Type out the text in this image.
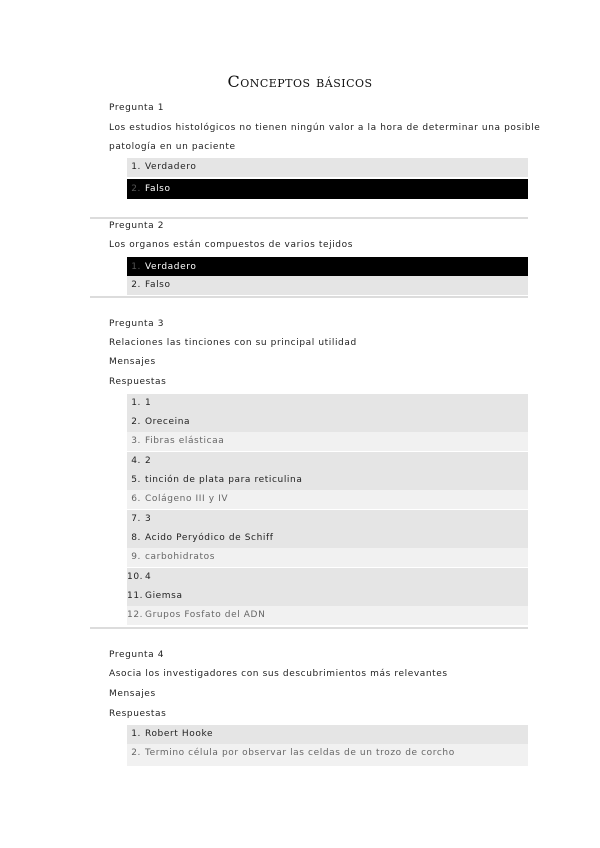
Conceptos básicos
Pregunta 1
Los estudios histológicos no tienen ningún valor a la hora de determinar una posible
patología en un paciente
1. Verdadero
2. Falso
Pregunta 2
Los organos están compuestos de varios tejidos
1. Verdadero
2. Falso
Pregunta 3
Relaciones las tinciones con su principal utilidad
Mensajes
Respuestas
1. 1
2. Oreceina
3. Fibras elásticaa
4. 2
5. tinción de plata para reticulina
6. Colágeno III y IV
7. 3
8. Acido Peryódico de Schiff
9. carbohidratos
10. 4
11. Giemsa
12. Grupos Fosfato del ADN
Pregunta 4
Asocia los investigadores con sus descubrimientos más relevantes
Mensajes
Respuestas
1. Robert Hooke
2. Termino célula por observar las celdas de un trozo de corcho
